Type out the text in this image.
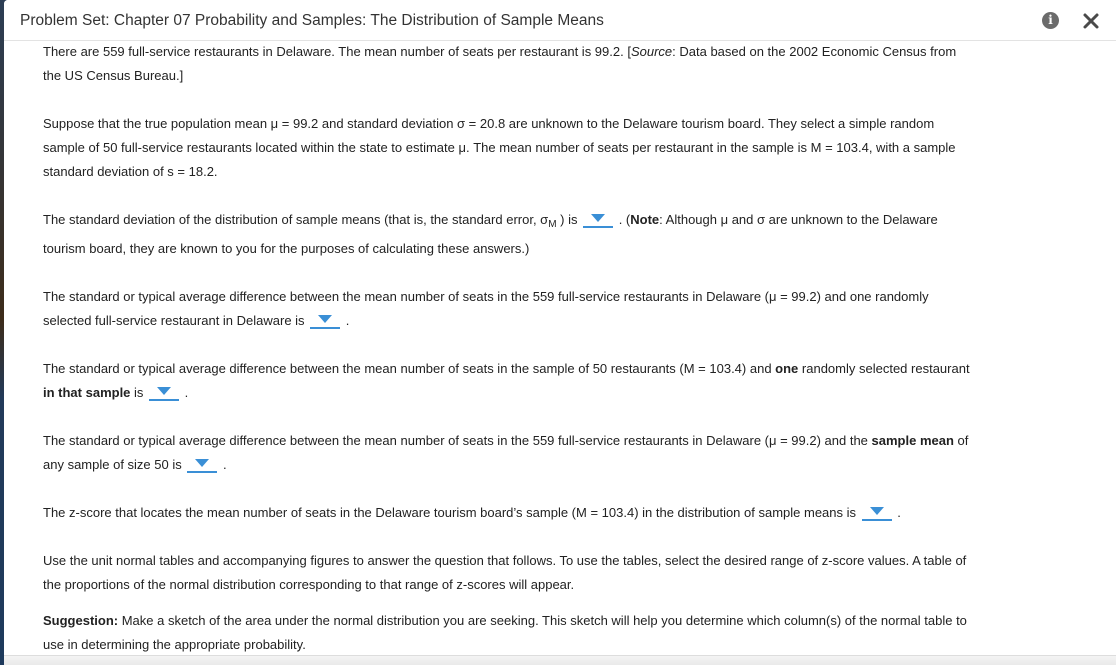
Problem Set: Chapter 07 Probability and Samples: The Distribution of Sample Means	i

There are 559 full-service restaurants in Delaware. The mean number of seats per restaurant is 99.2. [Source: Data based on the 2002 Economic Census from the US Census Bureau.]

Suppose that the true population mean μ = 99.2 and standard deviation σ = 20.8 are unknown to the Delaware tourism board. They select a simple random sample of 50 full-service restaurants located within the state to estimate μ. The mean number of seats per restaurant in the sample is M = 103.4, with a sample standard deviation of s = 18.2.

The standard deviation of the distribution of sample means (that is, the standard error, $\sigma_M$ ) is	. (Note: Although μ and σ are unknown to the Delaware tourism board, they are known to you for the purposes of calculating these answers.)

The standard or typical average difference between the mean number of seats in the 559 full-service restaurants in Delaware (μ = 99.2) and one randomly selected full-service restaurant in Delaware is	.

The standard or typical average difference between the mean number of seats in the sample of 50 restaurants (M = 103.4) and one randomly selected restaurant in that sample is	.

The standard or typical average difference between the mean number of seats in the 559 full-service restaurants in Delaware (μ = 99.2) and the sample mean of any sample of size 50 is	.

The z-score that locates the mean number of seats in the Delaware tourism board’s sample (M = 103.4) in the distribution of sample means is	.

Use the unit normal tables and accompanying figures to answer the question that follows. To use the tables, select the desired range of z-score values. A table of the proportions of the normal distribution corresponding to that range of z-scores will appear.

Suggestion: Make a sketch of the area under the normal distribution you are seeking. This sketch will help you determine which column(s) of the normal table to use in determining the appropriate probability.
